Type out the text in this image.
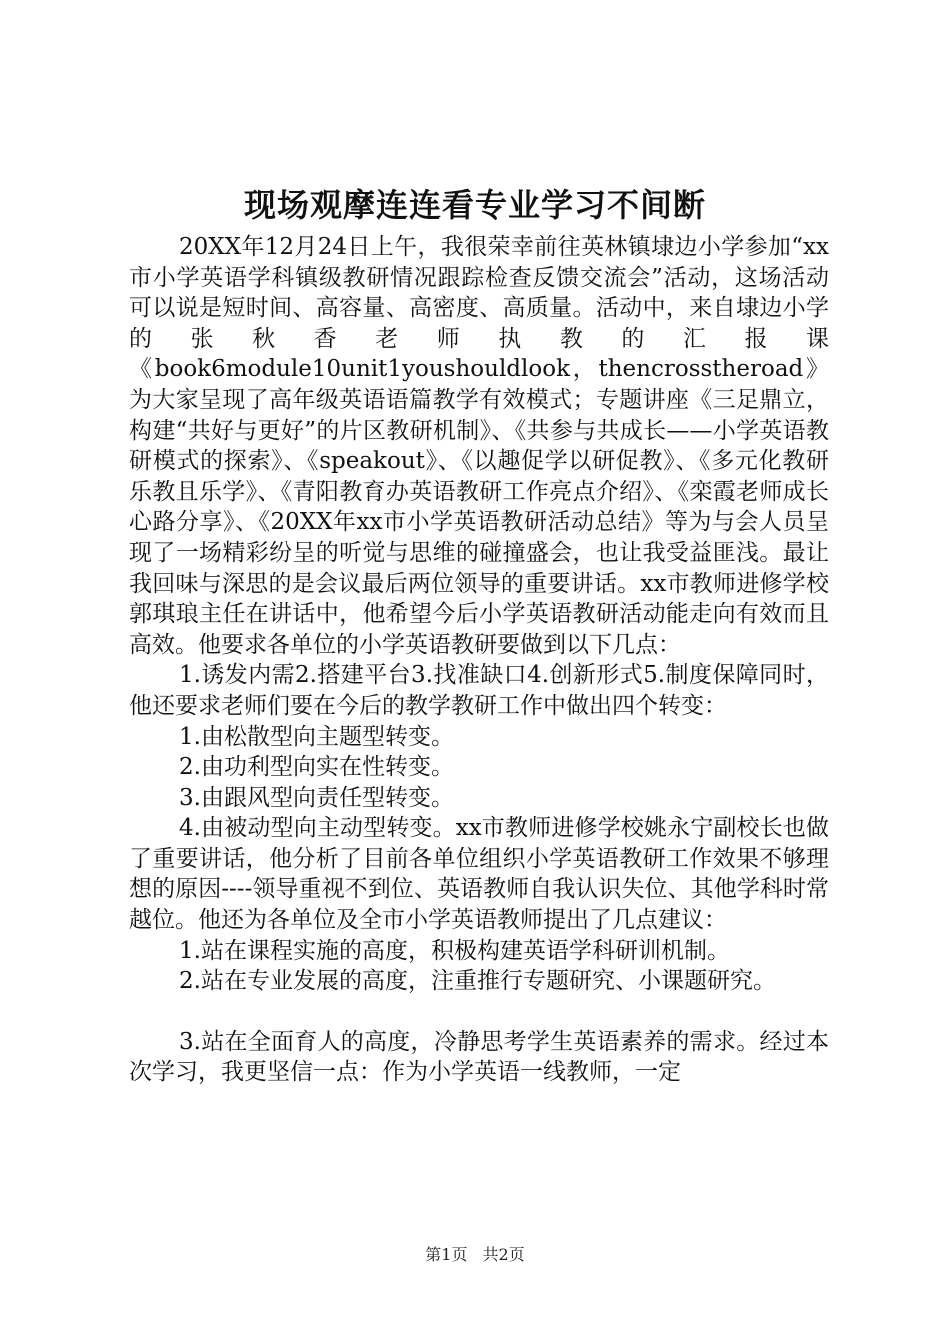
现场观摩连连看专业学习不间断

20XX年12月24日上午，我很荣幸前往英林镇埭边小学参加“xx市小学英语学科镇级教研情况跟踪检查反馈交流会”活动，这场活动可以说是短时间、高容量、高密度、高质量。活动中，来自埭边小学的张秋香老师执教的汇报课《book6module10unit1youshouldlook，thencrosstheroad》为大家呈现了高年级英语语篇教学有效模式；专题讲座《三足鼎立，构建“共好与更好”的片区教研机制》、《共参与共成长——小学英语教研模式的探索》、《speakout》、《以趣促学以研促教》、《多元化教研乐教且乐学》、《青阳教育办英语教研工作亮点介绍》、《栾霞老师成长心路分享》、《20XX年xx市小学英语教研活动总结》等为与会人员呈现了一场精彩纷呈的听觉与思维的碰撞盛会，也让我受益匪浅。最让我回味与深思的是会议最后两位领导的重要讲话。xx市教师进修学校郭琪琅主任在讲话中，他希望今后小学英语教研活动能走向有效而且高效。他要求各单位的小学英语教研要做到以下几点：

1.诱发内需2.搭建平台3.找准缺口4.创新形式5.制度保障同时，他还要求老师们要在今后的教学教研工作中做出四个转变：

1.由松散型向主题型转变。

2.由功利型向实在性转变。

3.由跟风型向责任型转变。

4.由被动型向主动型转变。xx市教师进修学校姚永宁副校长也做了重要讲话，他分析了目前各单位组织小学英语教研工作效果不够理想的原因----领导重视不到位、英语教师自我认识失位、其他学科时常越位。他还为各单位及全市小学英语教师提出了几点建议：

1.站在课程实施的高度，积极构建英语学科研训机制。

2.站在专业发展的高度，注重推行专题研究、小课题研究。

3.站在全面育人的高度，冷静思考学生英语素养的需求。经过本次学习，我更坚信一点：作为小学英语一线教师，一定

第1页 共2页
